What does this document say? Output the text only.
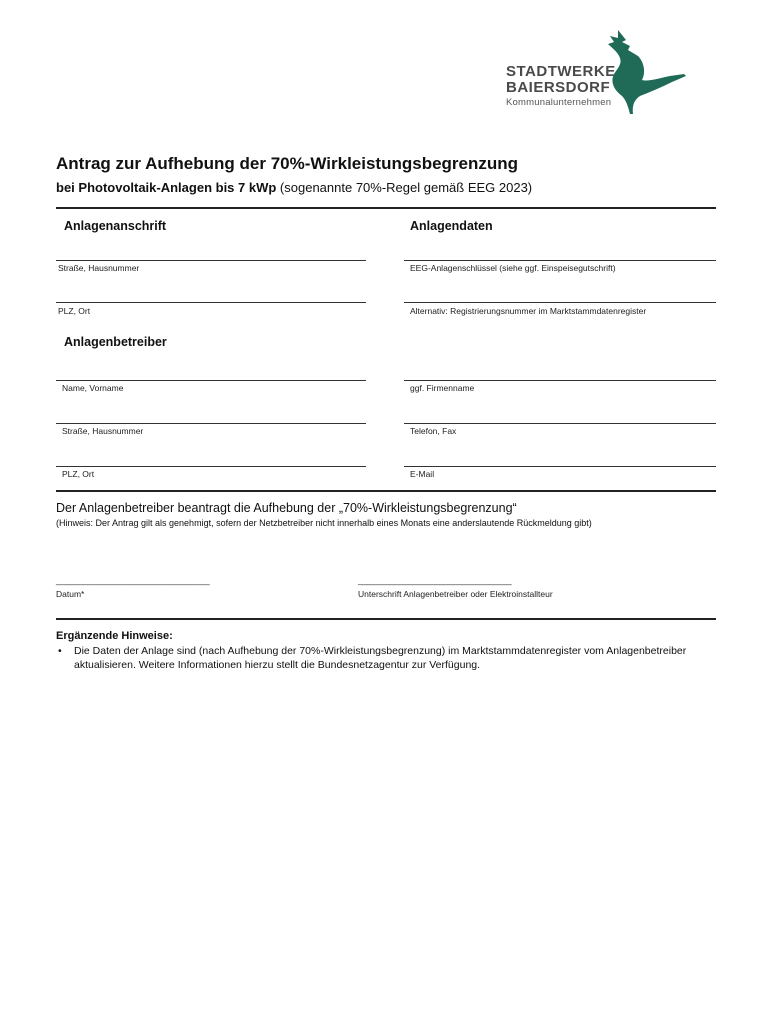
STADTWERKE
BAIERSDORF
Kommunalunternehmen
Antrag zur Aufhebung der 70%-Wirkleistungsbegrenzung
bei Photovoltaik-Anlagen bis 7 kWp (sogenannte 70%-Regel gemäß EEG 2023)
Anlagenanschrift	Anlagendaten
Straße, Hausnummer
PLZ, Ort
EEG-Anlagenschlüssel (siehe ggf. Einspeisegutschrift)
Alternativ: Registrierungsnummer im Marktstammdatenregister
Anlagenbetreiber
Name, Vorname
Straße, Hausnummer
PLZ, Ort
ggf. Firmenname
Telefon, Fax
E-Mail
Der Anlagenbetreiber beantragt die Aufhebung der „70%-Wirkleistungsbegrenzung“
(Hinweis: Der Antrag gilt als genehmigt, sofern der Netzbetreiber nicht innerhalb eines Monats eine anderslautende Rückmeldung gibt)
__________________________________
Datum*
__________________________________
Unterschrift Anlagenbetreiber oder Elektroinstallteur
Ergänzende Hinweise:
• Die Daten der Anlage sind (nach Aufhebung der 70%-Wirkleistungsbegrenzung) im Marktstammdatenregister vom Anlagenbetreiber aktualisieren. Weitere Informationen hierzu stellt die Bundesnetzagentur zur Verfügung.
